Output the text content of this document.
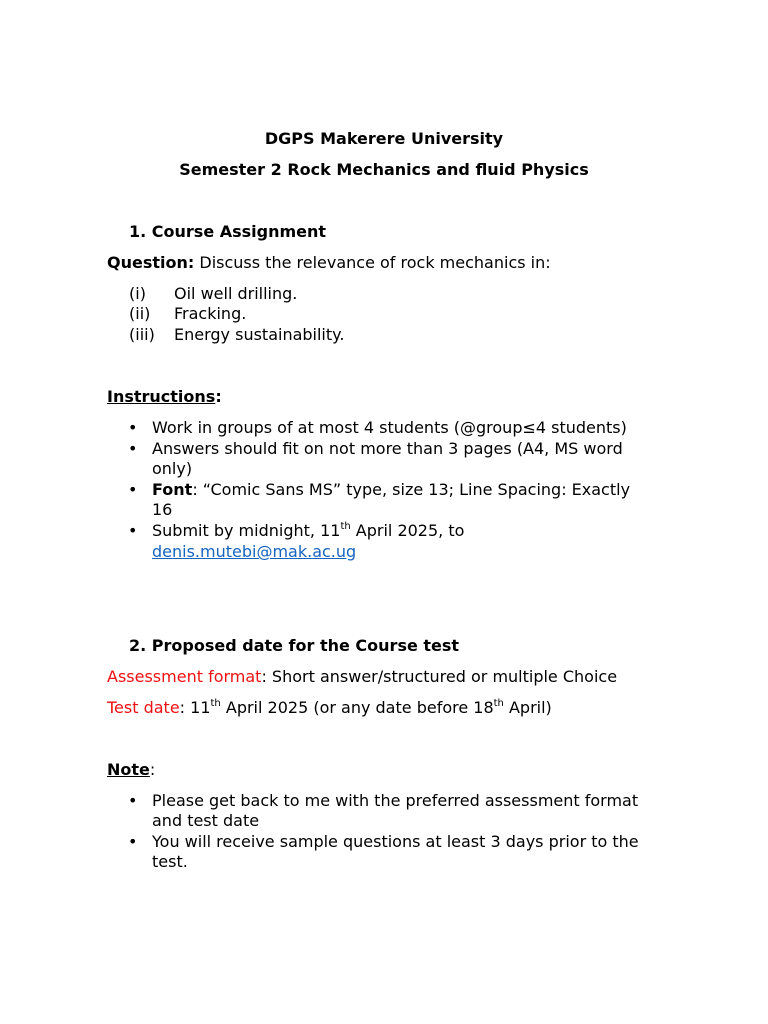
DGPS Makerere University
Semester 2 Rock Mechanics and fluid Physics
1. Course Assignment
Question: Discuss the relevance of rock mechanics in:
(i) Oil well drilling.
(ii) Fracking.
(iii) Energy sustainability.
Instructions:
• Work in groups of at most 4 students (@group≤4 students)
• Answers should fit on not more than 3 pages (A4, MS word
only)
• Font: “Comic Sans MS” type, size 13; Line Spacing: Exactly
16
• Submit by midnight, 11th April 2025, to
denis.mutebi@mak.ac.ug
2. Proposed date for the Course test
Assessment format: Short answer/structured or multiple Choice
Test date: 11th April 2025 (or any date before 18th April)
Note:
• Please get back to me with the preferred assessment format
and test date
• You will receive sample questions at least 3 days prior to the
test.
